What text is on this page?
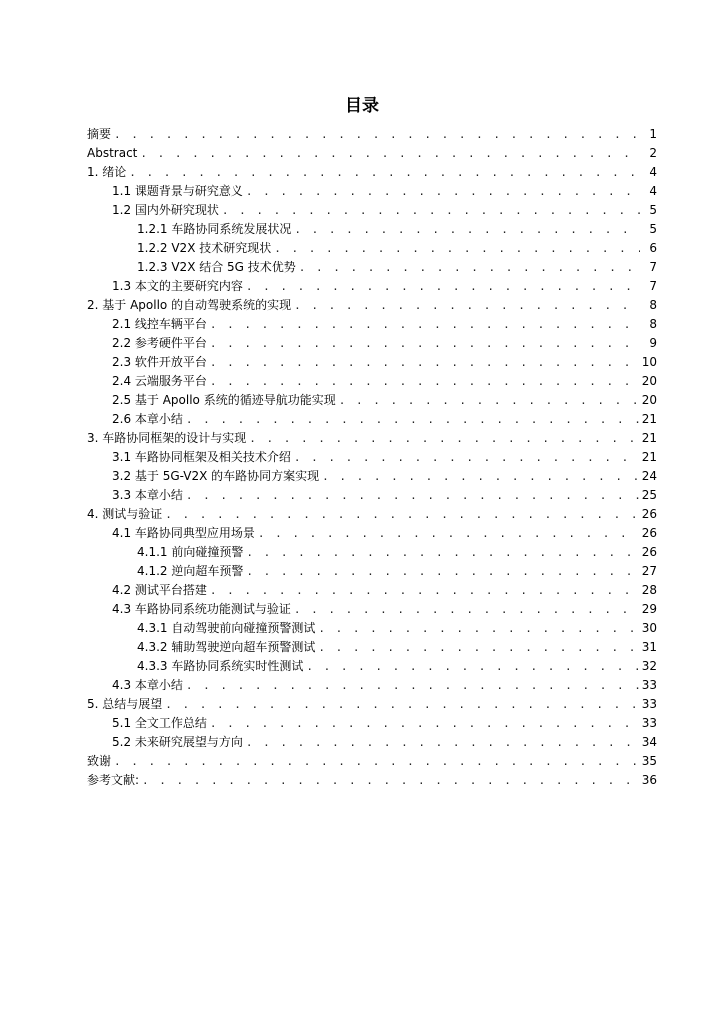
目录
摘要 . . .	1
Abstract . . .	2
1. 绪论 . . .	4
1.1 课题背景与研究意义 . . .	4
1.2 国内外研究现状 . . .	5
1.2.1 车路协同系统发展状况 . . .	5
1.2.2 V2X 技术研究现状 . . .	6
1.2.3 V2X 结合 5G 技术优势 . . .	7
1.3 本文的主要研究内容 . . .	7
2. 基于 Apollo 的自动驾驶系统的实现 . . .	8
2.1 线控车辆平台 . . .	8
2.2 参考硬件平台 . . .	9
2.3 软件开放平台 . . .	10
2.4 云端服务平台 . . .	20
2.5 基于 Apollo 系统的循迹导航功能实现 . . .	20
2.6 本章小结 . . .	21
3. 车路协同框架的设计与实现 . . .	21
3.1 车路协同框架及相关技术介绍 . . .	21
3.2 基于 5G-V2X 的车路协同方案实现 . . .	24
3.3 本章小结 . . .	25
4. 测试与验证 . . .	26
4.1 车路协同典型应用场景 . . .	26
4.1.1 前向碰撞预警 . . .	26
4.1.2 逆向超车预警 . . .	27
4.2 测试平台搭建 . . .	28
4.3 车路协同系统功能测试与验证 . . .	29
4.3.1 自动驾驶前向碰撞预警测试 . . .	30
4.3.2 辅助驾驶逆向超车预警测试 . . .	31
4.3.3 车路协同系统实时性测试 . . .	32
4.3 本章小结 . . .	33
5. 总结与展望 . . .	33
5.1 全文工作总结 . . .	33
5.2 未来研究展望与方向 . . .	34
致谢 . . .	35
参考文献: . . .	36
